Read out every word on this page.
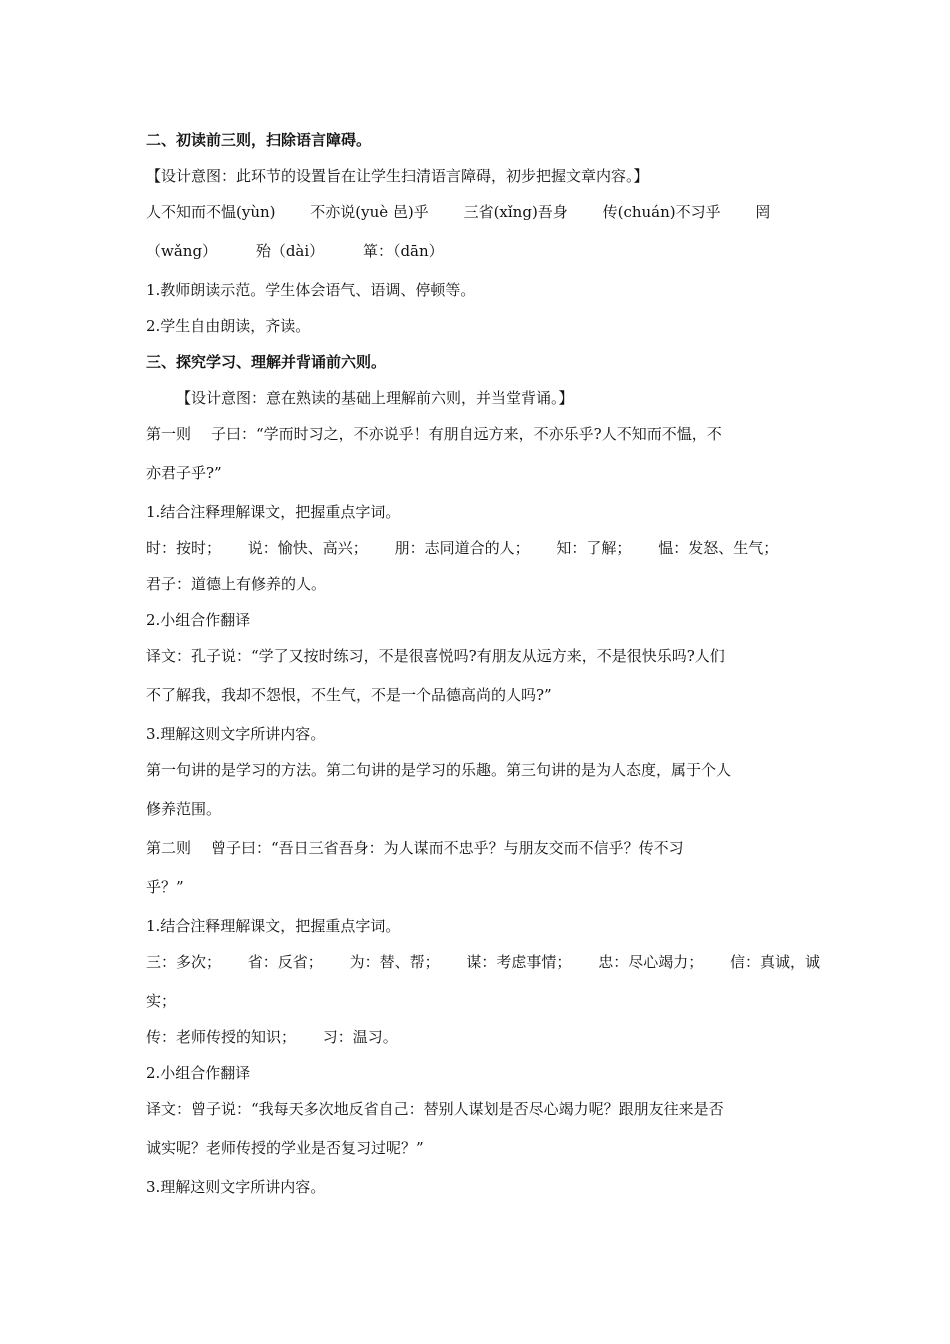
二、初读前三则，扫除语言障碍。
【设计意图：此环节的设置旨在让学生扫清语言障碍，初步把握文章内容。】
人不知而不愠(yùn) 不亦说(yuè 邑)乎 三省(xǐng)吾身 传(chuán)不习乎 罔
（wǎng）	殆（dài）	箪：（dān）
1.教师朗读示范。学生体会语气、语调、停顿等。
2.学生自由朗读，齐读。
三、探究学习、理解并背诵前六则。
【设计意图：意在熟读的基础上理解前六则，并当堂背诵。】
第一则 子曰：“学而时习之，不亦说乎！有朋自远方来，不亦乐乎?人不知而不愠，不
亦君子乎?”
1.结合注释理解课文，把握重点字词。
时：按时； 说：愉快、高兴； 朋：志同道合的人； 知：了解； 愠：发怒、生气；
君子：道德上有修养的人。
2.小组合作翻译
译文：孔子说：“学了又按时练习，不是很喜悦吗?有朋友从远方来，不是很快乐吗?人们
不了解我，我却不怨恨，不生气，不是一个品德高尚的人吗?”
3.理解这则文字所讲内容。
第一句讲的是学习的方法。第二句讲的是学习的乐趣。第三句讲的是为人态度，属于个人
修养范围。
第二则 曾子曰：“吾日三省吾身：为人谋而不忠乎？与朋友交而不信乎？传不习
乎？”
1.结合注释理解课文，把握重点字词。
三：多次； 省：反省； 为：替、帮； 谋：考虑事情； 忠：尽心竭力； 信：真诚，诚
实；
传：老师传授的知识； 习：温习。
2.小组合作翻译
译文：曾子说：“我每天多次地反省自己：替别人谋划是否尽心竭力呢？跟朋友往来是否
诚实呢？老师传授的学业是否复习过呢？”
3.理解这则文字所讲内容。
